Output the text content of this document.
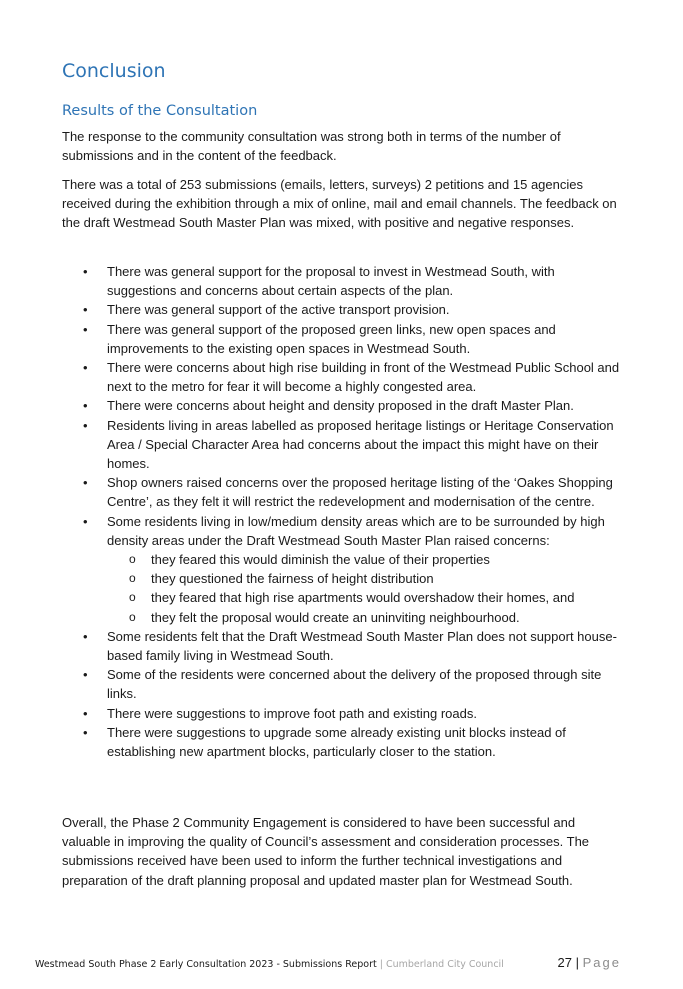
Conclusion
Results of the Consultation

The response to the community consultation was strong both in terms of the number of submissions and in the content of the feedback.

There was a total of 253 submissions (emails, letters, surveys) 2 petitions and 15 agencies received during the exhibition through a mix of online, mail and email channels. The feedback on the draft Westmead South Master Plan was mixed, with positive and negative responses.

• There was general support for the proposal to invest in Westmead South, with suggestions and concerns about certain aspects of the plan.
• There was general support of the active transport provision.
• There was general support of the proposed green links, new open spaces and improvements to the existing open spaces in Westmead South.
• There were concerns about high rise building in front of the Westmead Public School and next to the metro for fear it will become a highly congested area.
• There were concerns about height and density proposed in the draft Master Plan.
• Residents living in areas labelled as proposed heritage listings or Heritage Conservation Area / Special Character Area had concerns about the impact this might have on their homes.
• Shop owners raised concerns over the proposed heritage listing of the ‘Oakes Shopping Centre’, as they felt it will restrict the redevelopment and modernisation of the centre.
• Some residents living in low/medium density areas which are to be surrounded by high density areas under the Draft Westmead South Master Plan raised concerns:
o they feared this would diminish the value of their properties
o they questioned the fairness of height distribution
o they feared that high rise apartments would overshadow their homes, and
o they felt the proposal would create an uninviting neighbourhood.
• Some residents felt that the Draft Westmead South Master Plan does not support house-based family living in Westmead South.
• Some of the residents were concerned about the delivery of the proposed through site links.
• There were suggestions to improve foot path and existing roads.
• There were suggestions to upgrade some already existing unit blocks instead of establishing new apartment blocks, particularly closer to the station.

Overall, the Phase 2 Community Engagement is considered to have been successful and valuable in improving the quality of Council’s assessment and consideration processes. The submissions received have been used to inform the further technical investigations and preparation of the draft planning proposal and updated master plan for Westmead South.

Westmead South Phase 2 Early Consultation 2023 - Submissions Report | Cumberland City Council	27 | Page
